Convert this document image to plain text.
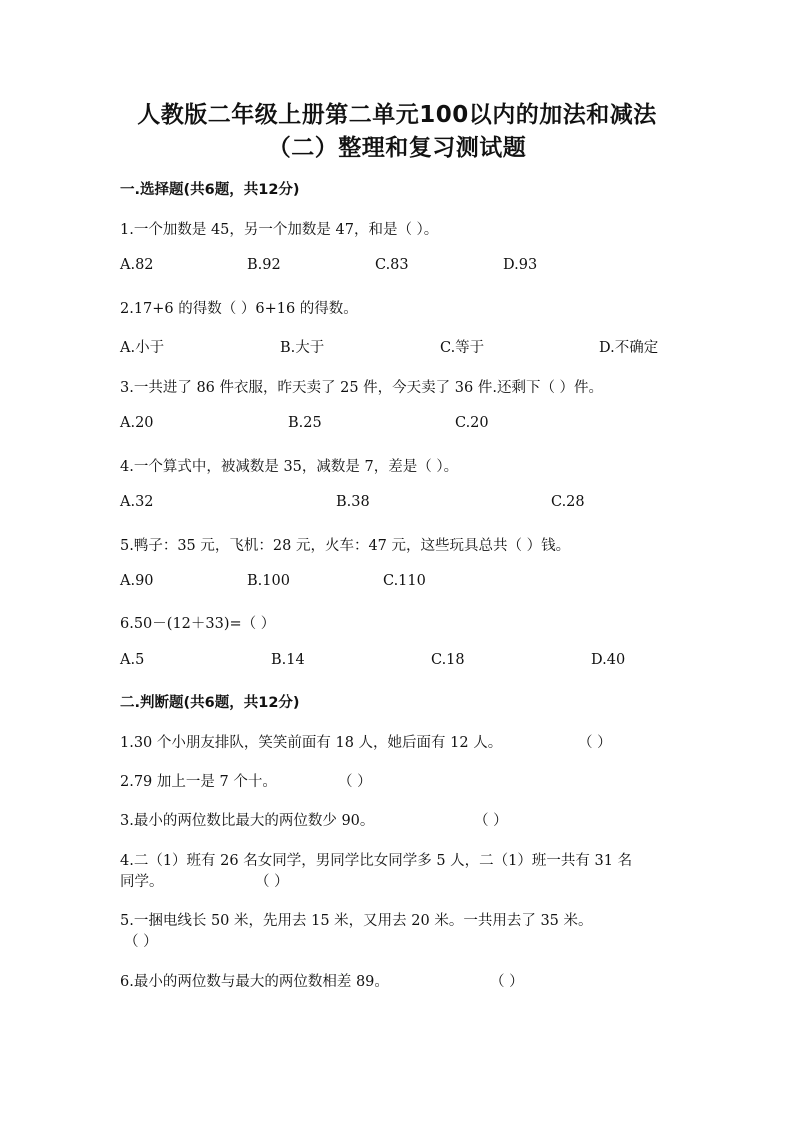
人教版二年级上册第二单元100以内的加法和减法
（二）整理和复习测试题
一.选择题(共6题，共12分)
1.一个加数是 45，另一个加数是 47，和是（ ）。
A.82	B.92	C.83	D.93
2.17+6 的得数（ ）6+16 的得数。
A.小于	B.大于	C.等于	D.不确定
3.一共进了 86 件衣服，昨天卖了 25 件，今天卖了 36 件.还剩下（ ）件。
A.20	B.25	C.20
4.一个算式中，被减数是 35，减数是 7，差是（ ）。
A.32	B.38	C.28
5.鸭子：35 元，飞机：28 元，火车：47 元，这些玩具总共（ ）钱。
A.90	B.100	C.110
6.50－(12＋33)=（ ）
A.5	B.14	C.18	D.40
二.判断题(共6题，共12分)
1.30 个小朋友排队，笑笑前面有 18 人，她后面有 12 人。	（ ）
2.79 加上一是 7 个十。	（ ）
3.最小的两位数比最大的两位数少 90。	（ ）
4.二（1）班有 26 名女同学，男同学比女同学多 5 人，二（1）班一共有 31 名
同学。	（ ）
5.一捆电线长 50 米，先用去 15 米，又用去 20 米。一共用去了 35 米。
（ ）
6.最小的两位数与最大的两位数相差 89。	（ ）
